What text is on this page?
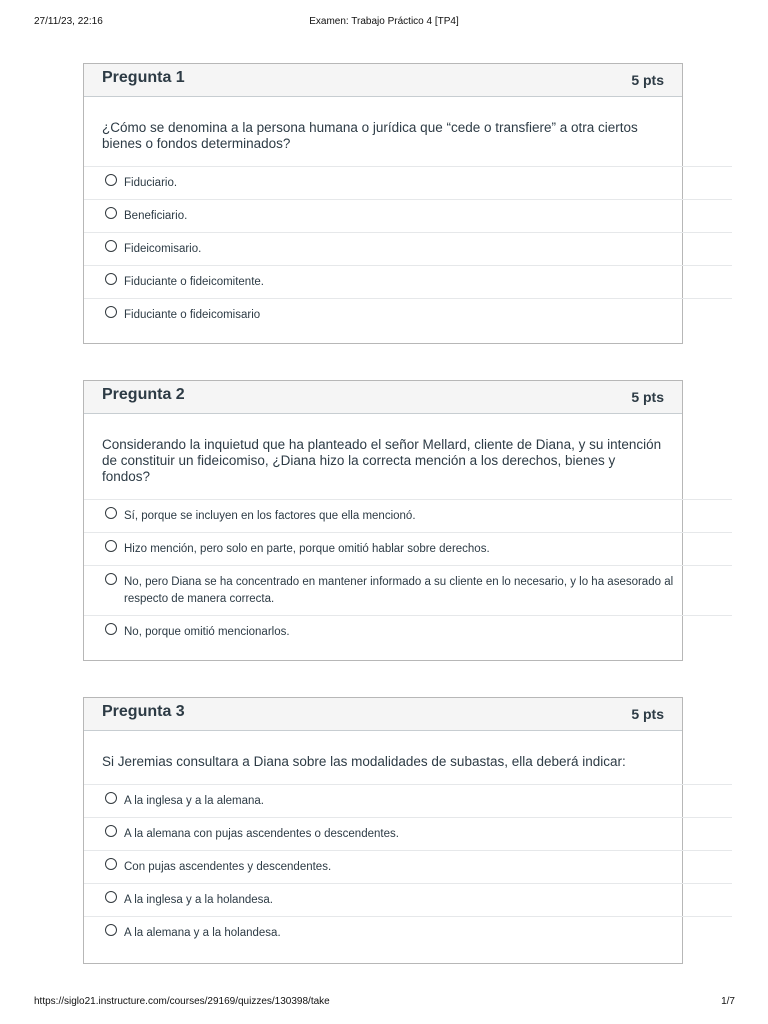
27/11/23, 22:16	Examen: Trabajo Práctico 4 [TP4]
Pregunta 1	5 pts
¿Cómo se denomina a la persona humana o jurídica que “cede o transfiere” a otra ciertos bienes o fondos determinados?
Fiduciario.
Beneficiario.
Fideicomisario.
Fiduciante o fideicomitente.
Fiduciante o fideicomisario
Pregunta 2	5 pts
Considerando la inquietud que ha planteado el señor Mellard, cliente de Diana, y su intención de constituir un fideicomiso, ¿Diana hizo la correcta mención a los derechos, bienes y fondos?
Sí, porque se incluyen en los factores que ella mencionó.
Hizo mención, pero solo en parte, porque omitió hablar sobre derechos.
No, pero Diana se ha concentrado en mantener informado a su cliente en lo necesario, y lo ha asesorado al respecto de manera correcta.
No, porque omitió mencionarlos.
Pregunta 3	5 pts
Si Jeremias consultara a Diana sobre las modalidades de subastas, ella deberá indicar:
A la inglesa y a la alemana.
A la alemana con pujas ascendentes o descendentes.
Con pujas ascendentes y descendentes.
A la inglesa y a la holandesa.
A la alemana y a la holandesa.
https://siglo21.instructure.com/courses/29169/quizzes/130398/take	1/7
